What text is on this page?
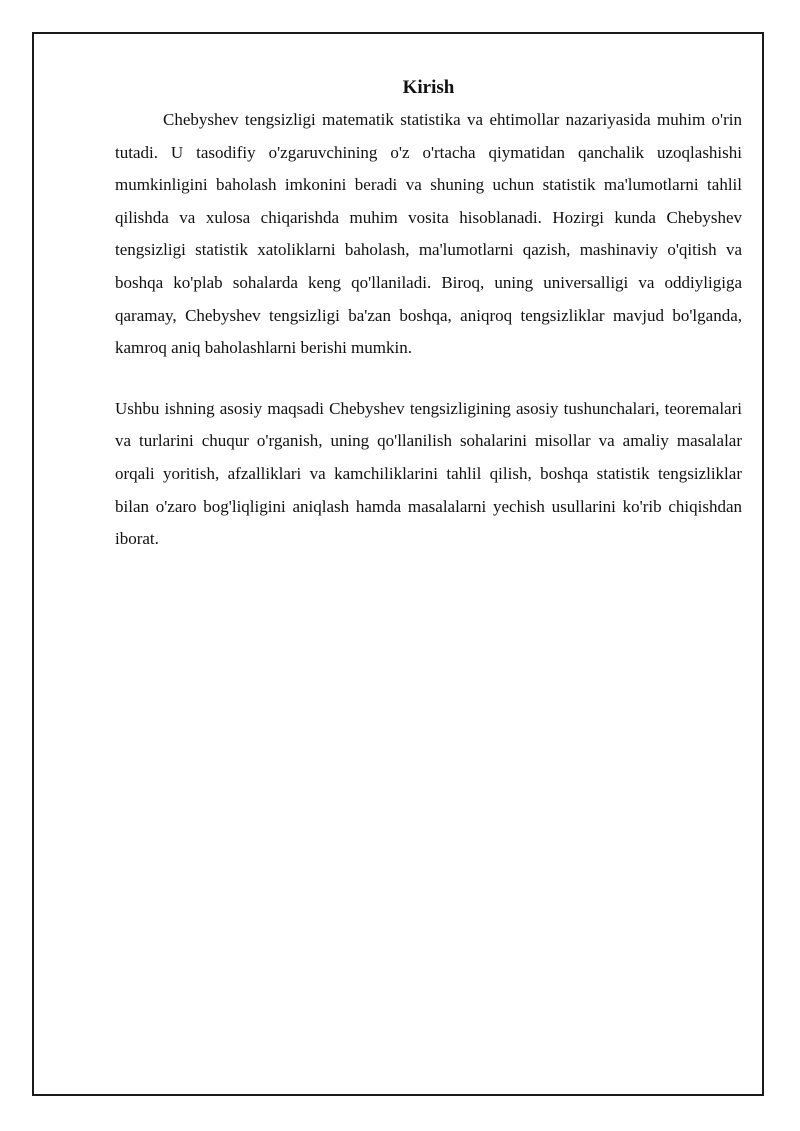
Kirish

Chebyshev tengsizligi matematik statistika va ehtimollar nazariyasida muhim o'rin tutadi. U tasodifiy o'zgaruvchining o'z o'rtacha qiymatidan qanchalik uzoqlashishi mumkinligini baholash imkonini beradi va shuning uchun statistik ma'lumotlarni tahlil qilishda va xulosa chiqarishda muhim vosita hisoblanadi. Hozirgi kunda Chebyshev tengsizligi statistik xatoliklarni baholash, ma'lumotlarni qazish, mashinaviy o'qitish va boshqa ko'plab sohalarda keng qo'llaniladi. Biroq, uning universalligi va oddiyligiga qaramay, Chebyshev tengsizligi ba'zan boshqa, aniqroq tengsizliklar mavjud bo'lganda, kamroq aniq baholashlarni berishi mumkin.

Ushbu ishning asosiy maqsadi Chebyshev tengsizligining asosiy tushunchalari, teoremalari va turlarini chuqur o'rganish, uning qo'llanilish sohalarini misollar va amaliy masalalar orqali yoritish, afzalliklari va kamchiliklarini tahlil qilish, boshqa statistik tengsizliklar bilan o'zaro bog'liqligini aniqlash hamda masalalarni yechish usullarini ko'rib chiqishdan iborat.
